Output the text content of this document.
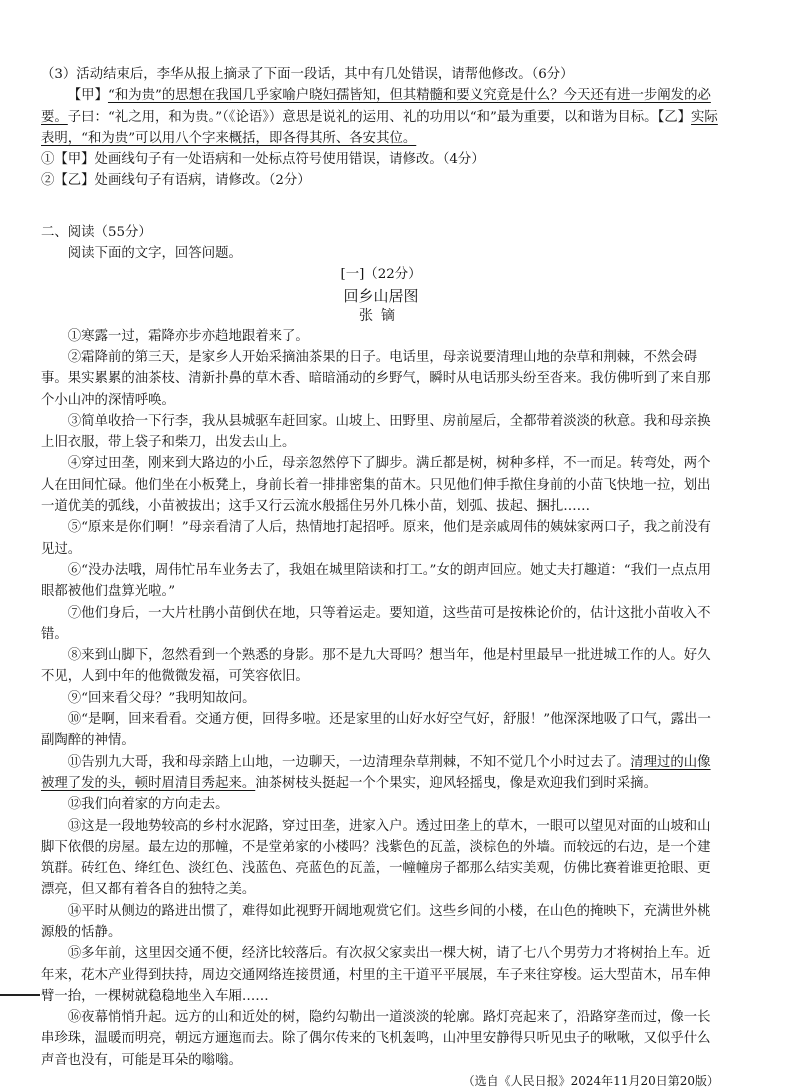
（3）活动结束后，李华从报上摘录了下面一段话，其中有几处错误，请帮他修改。（6分）

【甲】“和为贵”的思想在我国几乎家喻户晓妇孺皆知，但其精髓和要义究竟是什么？今天还有进一步阐发的必要。子曰：“礼之用，和为贵。”（《论语》）意思是说礼的运用、礼的功用以“和”最为重要，以和谐为目标。【乙】实际表明，“和为贵”可以用八个字来概括，即各得其所、各安其位。

①【甲】处画线句子有一处语病和一处标点符号使用错误，请修改。（4分）

②【乙】处画线句子有语病，请修改。（2分）

二、阅读（55分）

阅读下面的文字，回答问题。

[一]（22分）

回乡山居图

张镝

①寒露一过，霜降亦步亦趋地跟着来了。

②霜降前的第三天，是家乡人开始采摘油茶果的日子。电话里，母亲说要清理山地的杂草和荆棘，不然会碍事。果实累累的油茶枝、清新扑鼻的草木香、暗暗涌动的乡野气，瞬时从电话那头纷至沓来。我仿佛听到了来自那个小山冲的深情呼唤。

③简单收拾一下行李，我从县城驱车赶回家。山坡上、田野里、房前屋后，全都带着淡淡的秋意。我和母亲换上旧衣服，带上袋子和柴刀，出发去山上。

④穿过田垄，刚来到大路边的小丘，母亲忽然停下了脚步。满丘都是树，树种多样，不一而足。转弯处，两个人在田间忙碌。他们坐在小板凳上，身前长着一排排密集的苗木。只见他们伸手揿住身前的小苗飞快地一拉，划出一道优美的弧线，小苗被拔出；这手又行云流水般摇住另外几株小苗，划弧、拔起、捆扎……

⑤“原来是你们啊！”母亲看清了人后，热情地打起招呼。原来，他们是亲戚周伟的姨妹家两口子，我之前没有见过。

⑥“没办法哦，周伟忙吊车业务去了，我姐在城里陪读和打工。”女的朗声回应。她丈夫打趣道：“我们一点点用眼都被他们盘算光啦。”

⑦他们身后，一大片杜鹃小苗倒伏在地，只等着运走。要知道，这些苗可是按株论价的，估计这批小苗收入不错。

⑧来到山脚下，忽然看到一个熟悉的身影。那不是九大哥吗？想当年，他是村里最早一批进城工作的人。好久不见，人到中年的他微微发福，可笑容依旧。

⑨“回来看父母？”我明知故问。

⑩“是啊，回来看看。交通方便，回得多啦。还是家里的山好水好空气好，舒服！”他深深地吸了口气，露出一副陶醉的神情。

⑪告别九大哥，我和母亲踏上山地，一边聊天，一边清理杂草荆棘，不知不觉几个小时过去了。清理过的山像被理了发的头，顿时眉清目秀起来。油茶树枝头挺起一个个果实，迎风轻摇曳，像是欢迎我们到时采摘。

⑫我们向着家的方向走去。

⑬这是一段地势较高的乡村水泥路，穿过田垄，进家入户。透过田垄上的草木，一眼可以望见对面的山坡和山脚下依偎的房屋。最左边的那幢，不是堂弟家的小楼吗？浅紫色的瓦盖，淡棕色的外墙。而较远的右边，是一个建筑群。砖红色、绛红色、淡红色、浅蓝色、亮蓝色的瓦盖，一幢幢房子都那么结实美观，仿佛比赛着谁更抢眼、更漂亮，但又都有着各自的独特之美。

⑭平时从侧边的路进出惯了，难得如此视野开阔地观赏它们。这些乡间的小楼，在山色的掩映下，充满世外桃源般的恬静。

⑮多年前，这里因交通不便，经济比较落后。有次叔父家卖出一棵大树，请了七八个男劳力才将树抬上车。近年来，花木产业得到扶持，周边交通网络连接贯通，村里的主干道平平展展，车子来往穿梭。运大型苗木，吊车伸臂一抬，一棵树就稳稳地坐入车厢……

⑯夜幕悄悄升起。远方的山和近处的树，隐约勾勒出一道淡淡的轮廓。路灯亮起来了，沿路穿垄而过，像一长串珍珠，温暖而明亮，朝远方逦迤而去。除了偶尔传来的飞机轰鸣，山冲里安静得只听见虫子的啾啾，又似乎什么声音也没有，可能是耳朵的嗡嗡。

（选自《人民日报》2024年11月20日第20版）
